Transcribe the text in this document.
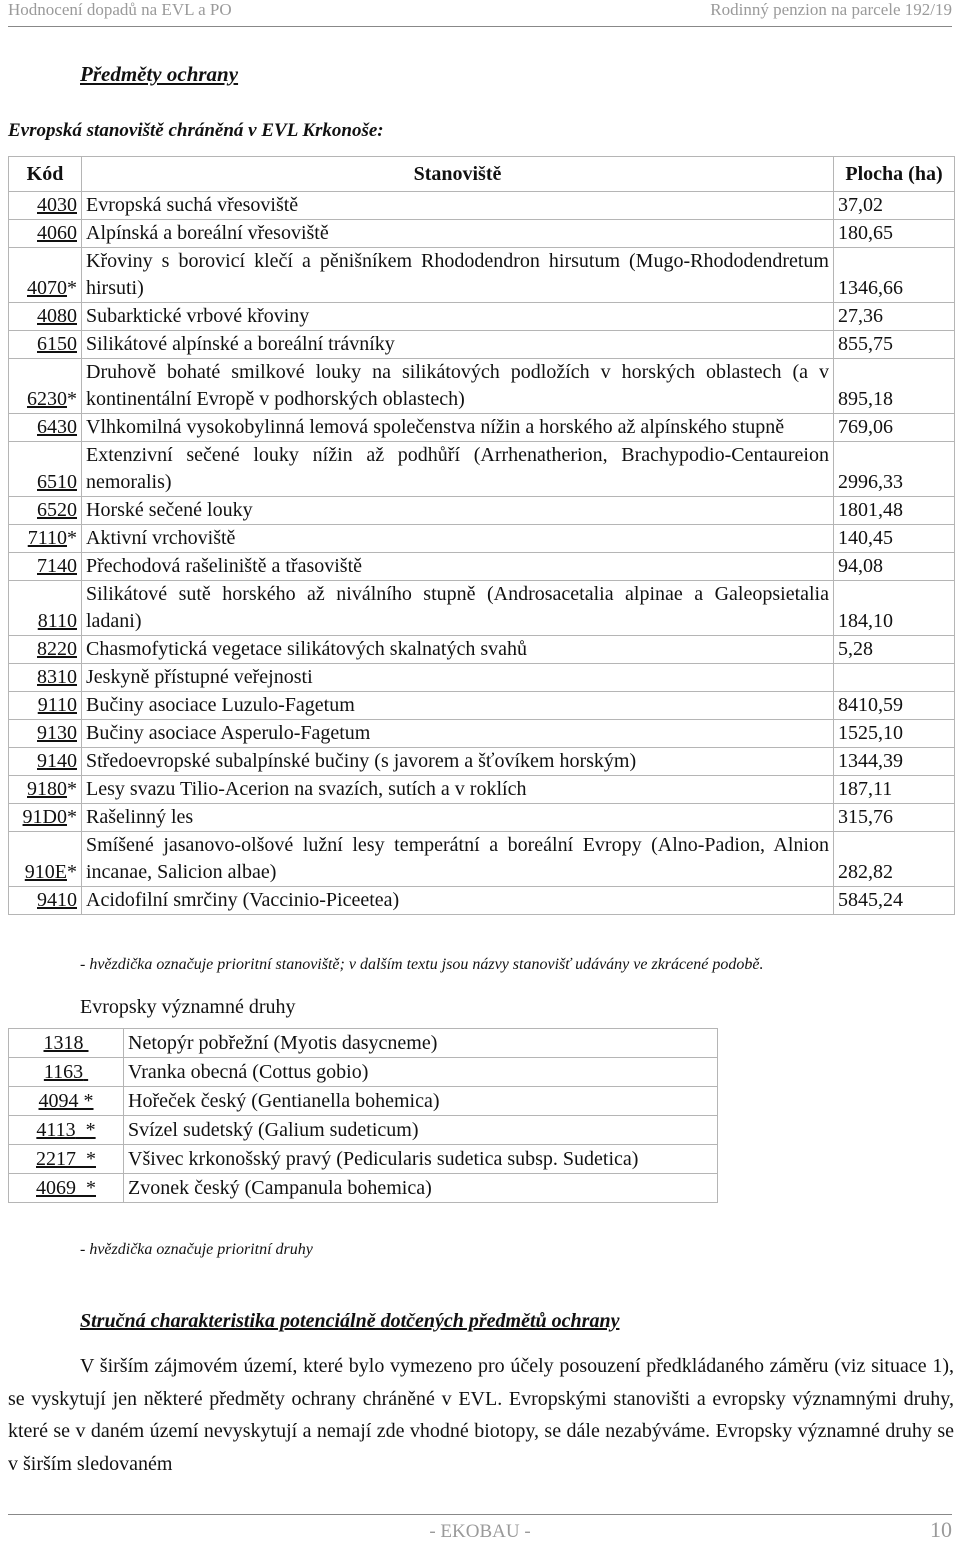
Hodnocení dopadů na EVL a PO	Rodinný penzion na parcele 192/19
Předměty ochrany
Evropská stanoviště chráněná v EVL Krkonoše:
Kód	Stanoviště	Plocha (ha)
4030	Evropská suchá vřesoviště	37,02
4060	Alpínská a boreální vřesoviště	180,65
4070*	Křoviny s borovicí klečí a pěnišníkem Rhododendron hirsutum (Mugo-Rhododendretum hirsuti)	1346,66
4080	Subarktické vrbové křoviny	27,36
6150	Silikátové alpínské a boreální trávníky	855,75
6230*	Druhově bohaté smilkové louky na silikátových podložích v horských oblastech (a v kontinentální Evropě v podhorských oblastech)	895,18
6430	Vlhkomilná vysokobylinná lemová společenstva nížin a horského až alpínského stupně	769,06
6510	Extenzivní sečené louky nížin až podhůří (Arrhenatherion, Brachypodio-Centaureion nemoralis)	2996,33
6520	Horské sečené louky	1801,48
7110*	Aktivní vrchoviště	140,45
7140	Přechodová rašeliniště a třasoviště	94,08
8110	Silikátové sutě horského až niválního stupně (Androsacetalia alpinae a Galeopsietalia ladani)	184,10
8220	Chasmofytická vegetace silikátových skalnatých svahů	5,28
8310	Jeskyně přístupné veřejnosti	
9110	Bučiny asociace Luzulo-Fagetum	8410,59
9130	Bučiny asociace Asperulo-Fagetum	1525,10
9140	Středoevropské subalpínské bučiny (s javorem a šťovíkem horským)	1344,39
9180*	Lesy svazu Tilio-Acerion na svazích, sutích a v roklích	187,11
91D0*	Rašelinný les	315,76
910E*	Smíšené jasanovo-olšové lužní lesy temperátní a boreální Evropy (Alno-Padion, Alnion incanae, Salicion albae)	282,82
9410	Acidofilní smrčiny (Vaccinio-Piceetea)	5845,24
- hvězdička označuje prioritní stanoviště; v dalším textu jsou názvy stanovišť udávány ve zkrácené podobě.
Evropsky významné druhy
1318	Netopýr pobřežní (Myotis dasycneme)
1163	Vranka obecná (Cottus gobio)
4094 *	Hořeček český (Gentianella bohemica)
4113  *	Svízel sudetský (Galium sudeticum)
2217  *	Všivec krkonošský pravý (Pedicularis sudetica subsp. Sudetica)
4069  *	Zvonek český (Campanula bohemica)
- hvězdička označuje prioritní druhy
Stručná charakteristika potenciálně dotčených předmětů ochrany

V širším zájmovém území, které bylo vymezeno pro účely posouzení předkládaného záměru (viz situace 1), se vyskytují jen některé předměty ochrany chráněné v EVL. Evropskými stanovišti a evropsky významnými druhy, které se v daném území nevyskytují a nemají zde vhodné biotopy, se dále nezabýváme. Evropsky významné druhy se v širším sledovaném

- EKOBAU -	10
